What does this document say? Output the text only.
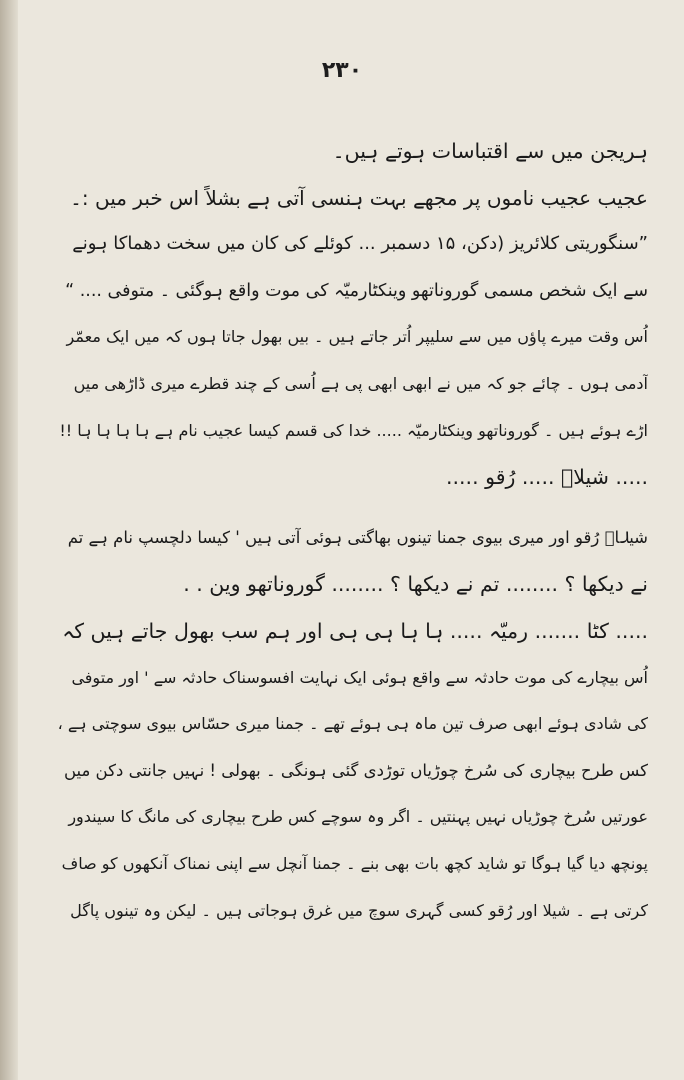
۲۳۰
ہریجن میں سے اقتباسات ہوتے ہیں۔
عجیب عجیب ناموں پر مجھے بہت ہنسی آتی ہے بشلاً اس خبر میں :۔
”سنگوریتی کلائریز (دکن، ۱۵ دسمبر ... کوئلے کی کان میں سخت دھماکا ہونے
سے ایک شخص مسمی گوروناتھو وینکٹارمیّہ کی موت واقع ہوگئی ۔ متوفی .... “
اُس وقت میرے پاؤں میں سے سلیپر اُتر جاتے ہیں ۔ بیں بھول جاتا ہوں کہ میں ایک معمّر
آدمی ہوں ۔ چائے جو کہ میں نے ابھی ابھی پی ہے اُسی کے چند قطرے میری ڈاڑھی میں
اڑے ہوئے ہیں ۔ گوروناتھو وینکٹارمیّہ ..... خدا کی قسم کیسا عجیب نام ہے ہا ہا ہا ہا !!
..... شیلاؔ ..... رُقو .....
شیلاؔ رُقو اور میری بیوی جمنا تینوں بھاگتی ہوئی آتی ہیں ' کیسا دلچسپ نام ہے تم
نے دیکھا ؟ ........ تم نے دیکھا ؟ ........ گوروناتھو وین . .
..... کٹا ....... رمیّہ ..... ہا ہا ہی ہی اور ہم سب بھول جاتے ہیں کہ
اُس بیچارے کی موت حادثہ سے واقع ہوئی ایک نہایت افسوسناک حادثہ سے ' اور متوفی
کی شادی ہوئے ابھی صرف تین ماہ ہی ہوئے تھے ۔ جمنا میری حسّاس بیوی سوچتی ہے ،
کس طرح بیچاری کی سُرخ چوڑیاں توڑدی گئی ہونگی ۔ بھولی ! نہیں جانتی دکن میں
عورتیں سُرخ چوڑیاں نہیں پہنتیں ۔ اگر وہ سوچے کس طرح بیچاری کی مانگ کا سیندور
پونچھ دیا گیا ہوگا تو شاید کچھ بات بھی بنے ۔ جمنا آنچل سے اپنی نمناک آنکھوں کو صاف
کرتی ہے ۔ شیلا اور رُقو کسی گہری سوچ میں غرق ہوجاتی ہیں ۔ لیکن وہ تینوں پاگل
